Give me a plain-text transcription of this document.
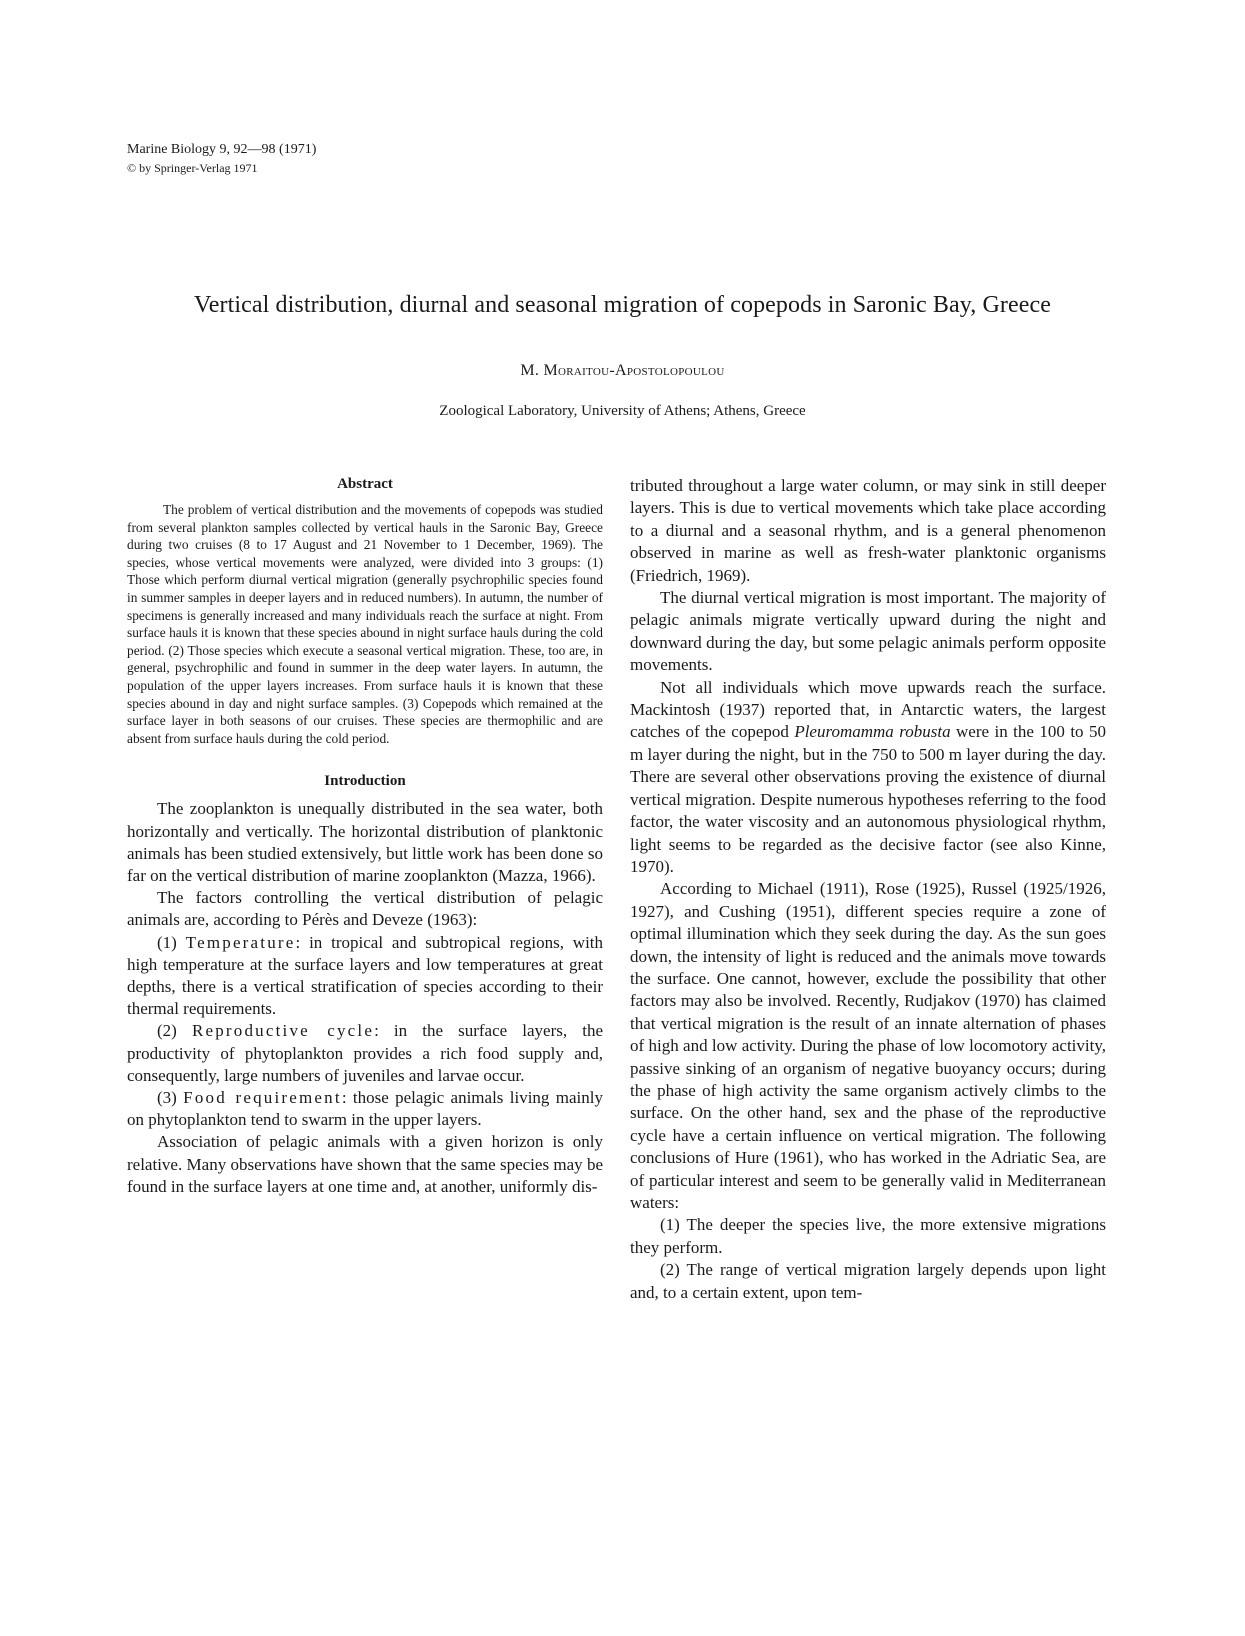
Marine Biology 9, 92—98 (1971)
© by Springer-Verlag 1971
Vertical distribution, diurnal and seasonal migration of copepods in Saronic Bay, Greece
M. Moraitou-Apostolopoulou
Zoological Laboratory, University of Athens; Athens, Greece
Abstract

The problem of vertical distribution and the movements of copepods was studied from several plankton samples collected by vertical hauls in the Saronic Bay, Greece during two cruises (8 to 17 August and 21 November to 1 December, 1969). The species, whose vertical movements were analyzed, were divided into 3 groups: (1) Those which perform diurnal vertical migration (generally psychrophilic species found in summer samples in deeper layers and in reduced numbers). In autumn, the number of specimens is generally increased and many individuals reach the surface at night. From surface hauls it is known that these species abound in night surface hauls during the cold period. (2) Those species which execute a seasonal vertical migration. These, too are, in general, psychrophilic and found in summer in the deep water layers. In autumn, the population of the upper layers increases. From surface hauls it is known that these species abound in day and night surface samples. (3) Copepods which remained at the surface layer in both seasons of our cruises. These species are thermophilic and are absent from surface hauls during the cold period.

Introduction

The zooplankton is unequally distributed in the sea water, both horizontally and vertically. The horizontal distribution of planktonic animals has been studied extensively, but little work has been done so far on the vertical distribution of marine zooplankton (Mazza, 1966).

The factors controlling the vertical distribution of pelagic animals are, according to Pérès and Deveze (1963):

(1) Temperature: in tropical and subtropical regions, with high temperature at the surface layers and low temperatures at great depths, there is a vertical stratification of species according to their thermal requirements.

(2) Reproductive cycle: in the surface layers, the productivity of phytoplankton provides a rich food supply and, consequently, large numbers of juveniles and larvae occur.

(3) Food requirement: those pelagic animals living mainly on phytoplankton tend to swarm in the upper layers.

Association of pelagic animals with a given horizon is only relative. Many observations have shown that the same species may be found in the surface layers at one time and, at another, uniformly dis-

tributed throughout a large water column, or may sink in still deeper layers. This is due to vertical movements which take place according to a diurnal and a seasonal rhythm, and is a general phenomenon observed in marine as well as fresh-water planktonic organisms (Friedrich, 1969).

The diurnal vertical migration is most important. The majority of pelagic animals migrate vertically upward during the night and downward during the day, but some pelagic animals perform opposite movements.

Not all individuals which move upwards reach the surface. Mackintosh (1937) reported that, in Antarctic waters, the largest catches of the copepod Pleuromamma robusta were in the 100 to 50 m layer during the night, but in the 750 to 500 m layer during the day. There are several other observations proving the existence of diurnal vertical migration. Despite numerous hypotheses referring to the food factor, the water viscosity and an autonomous physiological rhythm, light seems to be regarded as the decisive factor (see also Kinne, 1970).

According to Michael (1911), Rose (1925), Russel (1925/1926, 1927), and Cushing (1951), different species require a zone of optimal illumination which they seek during the day. As the sun goes down, the intensity of light is reduced and the animals move towards the surface. One cannot, however, exclude the possibility that other factors may also be involved. Recently, Rudjakov (1970) has claimed that vertical migration is the result of an innate alternation of phases of high and low activity. During the phase of low locomotory activity, passive sinking of an organism of negative buoyancy occurs; during the phase of high activity the same organism actively climbs to the surface. On the other hand, sex and the phase of the reproductive cycle have a certain influence on vertical migration. The following conclusions of Hure (1961), who has worked in the Adriatic Sea, are of particular interest and seem to be generally valid in Mediterranean waters:

(1) The deeper the species live, the more extensive migrations they perform.

(2) The range of vertical migration largely depends upon light and, to a certain extent, upon tem-
